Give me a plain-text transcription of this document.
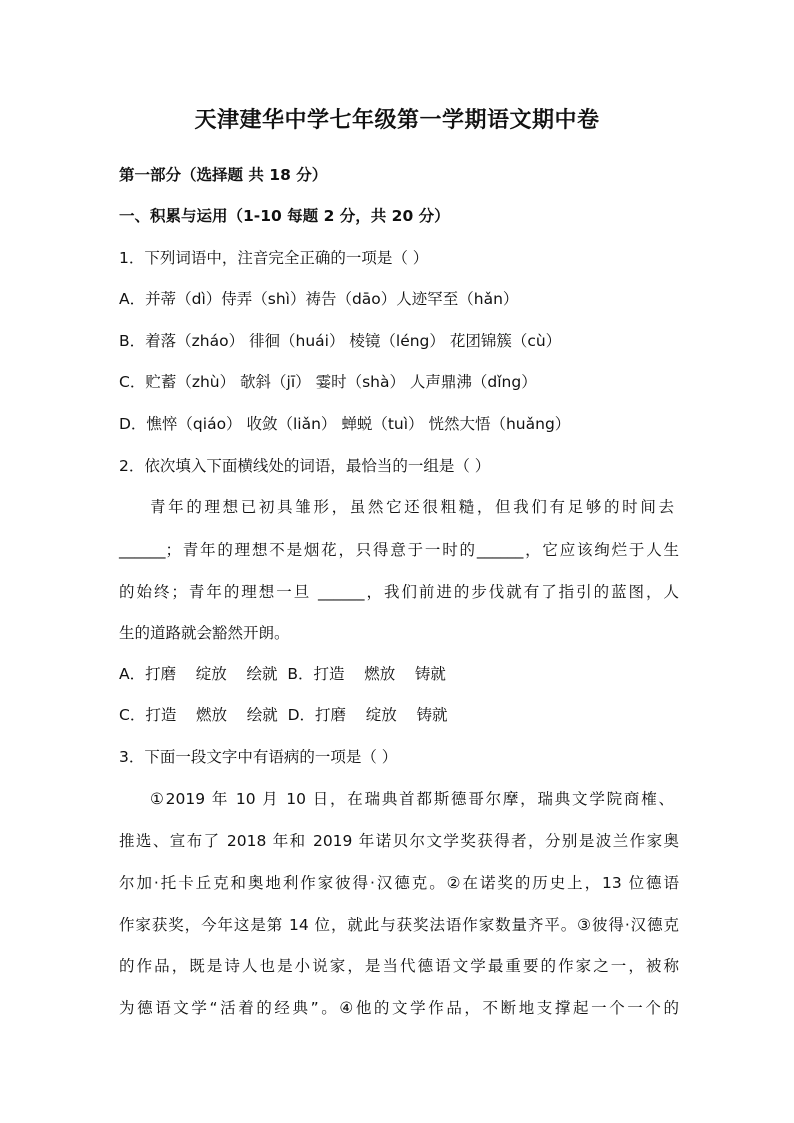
天津建华中学七年级第一学期语文期中卷
第一部分（选择题 共 18 分）
一、积累与运用（1-10 每题 2 分，共 20 分）
1．下列词语中，注音完全正确的一项是（ ）
A．并蒂（dì）侍弄（shì）祷告（dāo）人迹罕至（hǎn）
B．着落（zháo） 徘徊（huái） 棱镜（léng） 花团锦簇（cù）
C．贮蓄（zhù） 欹斜（jī） 霎时（shà） 人声鼎沸（dǐng）
D．憔悴（qiáo） 收敛（liǎn） 蝉蜕（tuì） 恍然大悟（huǎng）
2．依次填入下面横线处的词语，最恰当的一组是（ ）
青年的理想已初具雏形，虽然它还很粗糙，但我们有足够的时间去
______；青年的理想不是烟花，只得意于一时的______，它应该绚烂于人生
的始终；青年的理想一旦 ______，我们前进的步伐就有了指引的蓝图，人
生的道路就会豁然开朗。
A．打磨    绽放    绘就  B．打造    燃放    铸就
C．打造    燃放    绘就  D．打磨    绽放    铸就
3．下面一段文字中有语病的一项是（ ）
①2019 年 10 月 10 日，在瑞典首都斯德哥尔摩，瑞典文学院商榷、
推选、宣布了 2018 年和 2019 年诺贝尔文学奖获得者，分别是波兰作家奥
尔加·托卡丘克和奥地利作家彼得·汉德克。②在诺奖的历史上，13 位德语
作家获奖，今年这是第 14 位，就此与获奖法语作家数量齐平。③彼得·汉德克
的作品，既是诗人也是小说家，是当代德语文学最重要的作家之一，被称
为德语文学“活着的经典”。④他的文学作品，不断地支撑起一个一个的
